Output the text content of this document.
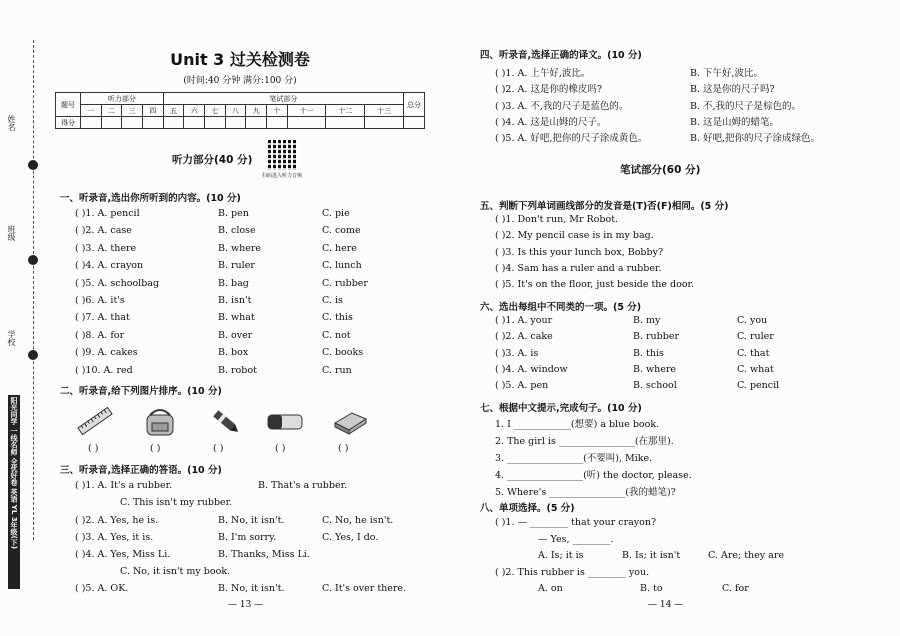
姓名
班级
学校
阳光同学 一线名师 全优好卷 英语 YL 3年级(下)
Unit 3 过关检测卷
(时间:40 分钟 满分:100 分)
题号	听力部分				笔试部分									总分
	一	二	三	四	五	六	七	八	九	十	十一	十二	十三	
得分														
听力部分(40 分)
扫码进入听力音频
一、听录音,选出你所听到的内容。(10 分)
二、听录音,给下列图片排序。(10 分)
三、听录音,选择正确的答语。(10 分)
— 13 —
四、听录音,选择正确的译文。(10 分)
笔试部分(60 分)
五、判断下列单词画线部分的发音是(T)否(F)相同。(5 分)
六、选出每组中不同类的一项。(5 分)
七、根据中文提示,完成句子。(10 分)
八、单项选择。(5 分)
— 14 —
( )1. A. pencil	B. pen	C. pie
( )2. A. case	B. close	C. come
( )3. A. there	B. where	C. here
( )4. A. crayon	B. ruler	C. lunch
( )5. A. schoolbag	B. bag	C. rubber
( )6. A. it's	B. isn't	C. is
( )7. A. that	B. what	C. this
( )8. A. for	B. over	C. not
( )9. A. cakes	B. box	C. books
( )10. A. red	B. robot	C. run
( )	( )	( )	( )	( )
( )1. A. It's a rubber.	B. That's a rubber.
C. This isn't my rubber.
( )2. A. Yes, he is.	B. No, it isn't.	C. No, he isn't.
( )3. A. Yes, it is.	B. I'm sorry.	C. Yes, I do.
( )4. A. Yes, Miss Li.	B. Thanks, Miss Li.
C. No, it isn't my book.
( )5. A. OK.	B. No, it isn't.	C. It's over there.
( )1. A. 上午好,波比。	B. 下午好,波比。
( )2. A. 这是你的橡皮吗?	B. 这是你的尺子吗?
( )3. A. 不,我的尺子是蓝色的。	B. 不,我的尺子是棕色的。
( )4. A. 这是山姆的尺子。	B. 这是山姆的蜡笔。
( )5. A. 好吧,把你的尺子涂成黄色。	B. 好吧,把你的尺子涂成绿色。
( )1. Don't run, Mr Robot.
( )2. My pencil case is in my bag.
( )3. Is this your lunch box, Bobby?
( )4. Sam has a ruler and a rubber.
( )5. It's on the floor, just beside the door.
( )1. A. your	B. my	C. you
( )2. A. cake	B. rubber	C. ruler
( )3. A. is	B. this	C. that
( )4. A. window	B. where	C. what
( )5. A. pen	B. school	C. pencil
1. I ____________(想要) a blue book.
2. The girl is ________________(在那里).
3. ________________(不要叫), Mike.
4. ________________(听) the doctor, please.
5. Where's ________________(我的蜡笔)?
( )1. — ________ that your crayon?
— Yes, ________.
A. Is; it is	B. Is; it isn't	C. Are; they are
( )2. This rubber is ________ you.
A. on	B. to	C. for
